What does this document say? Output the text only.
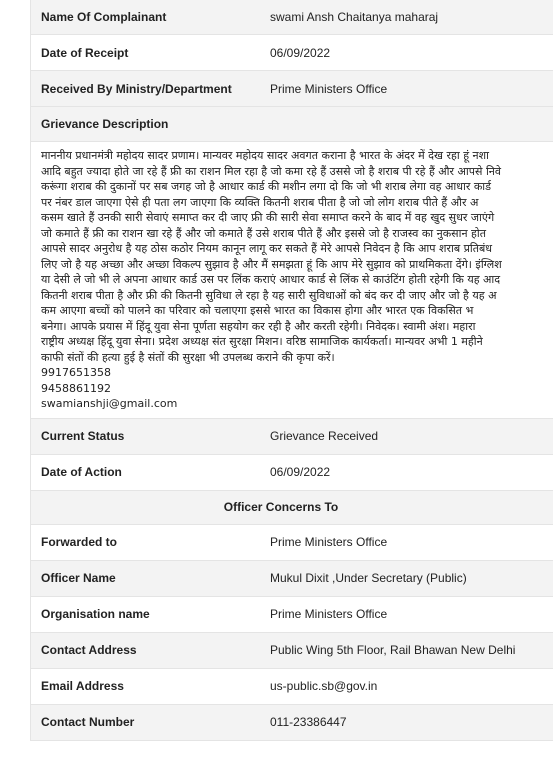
Name Of Complainant	swami Ansh Chaitanya maharaj
Date of Receipt	06/09/2022
Received By Ministry/Department	Prime Ministers Office
Grievance Description
माननीय प्रधानमंत्री महोदय सादर प्रणाम। मान्यवर महोदय सादर अवगत कराना है भारत के अंदर में देख रहा हूं नशा
आदि बहुत ज्यादा होते जा रहे हैं फ्री का राशन मिल रहा है जो कमा रहे हैं उससे जो है शराब पी रहे हैं और आपसे निवे
करूंगा शराब की दुकानों पर सब जगह जो है आधार कार्ड की मशीन लगा दो कि जो भी शराब लेगा वह आधार कार्ड
पर नंबर डाल जाएगा ऐसे ही पता लग जाएगा कि व्यक्ति कितनी शराब पीता है जो जो लोग शराब पीते हैं और अ
कसम खाते हैं उनकी सारी सेवाएं समाप्त कर दी जाए फ्री की सारी सेवा समाप्त करने के बाद में वह खुद सुधर जाएंगे
जो कमाते हैं फ्री का राशन खा रहे हैं और जो कमाते हैं उसे शराब पीते हैं और इससे जो है राजस्व का नुकसान होत
आपसे सादर अनुरोध है यह ठोस कठोर नियम कानून लागू कर सकते हैं मेरे आपसे निवेदन है कि आप शराब प्रतिबंध
लिए जो है यह अच्छा और अच्छा विकल्प सुझाव है और मैं समझता हूं कि आप मेरे सुझाव को प्राथमिकता देंगे। इंग्लिश
या देसी ले जो भी ले अपना आधार कार्ड उस पर लिंक कराएं आधार कार्ड से लिंक से काउंटिंग होती रहेगी कि यह आद
कितनी शराब पीता है और फ्री की कितनी सुविधा ले रहा है यह सारी सुविधाओं को बंद कर दी जाए और जो है यह अ
कम आएगा बच्चों को पालने का परिवार को चलाएगा इससे भारत का विकास होगा और भारत एक विकसित भ
बनेगा। आपके प्रयास में हिंदू युवा सेना पूर्णता सहयोग कर रही है और करती रहेगी। निवेदक। स्वामी अंश। महारा
राष्ट्रीय अध्यक्ष हिंदू युवा सेना। प्रदेश अध्यक्ष संत सुरक्षा मिशन। वरिष्ठ सामाजिक कार्यकर्ता। मान्यवर अभी 1 महीने
काफी संतों की हत्या हुई है संतों की सुरक्षा भी उपलब्ध कराने की कृपा करें।
9917651358
9458861192
swamianshji@gmail.com
Current Status	Grievance Received
Date of Action	06/09/2022
Officer Concerns To
Forwarded to	Prime Ministers Office
Officer Name	Mukul Dixit ,Under Secretary (Public)
Organisation name	Prime Ministers Office
Contact Address	Public Wing 5th Floor, Rail Bhawan New Delhi
Email Address	us-public.sb@gov.in
Contact Number	011-23386447
